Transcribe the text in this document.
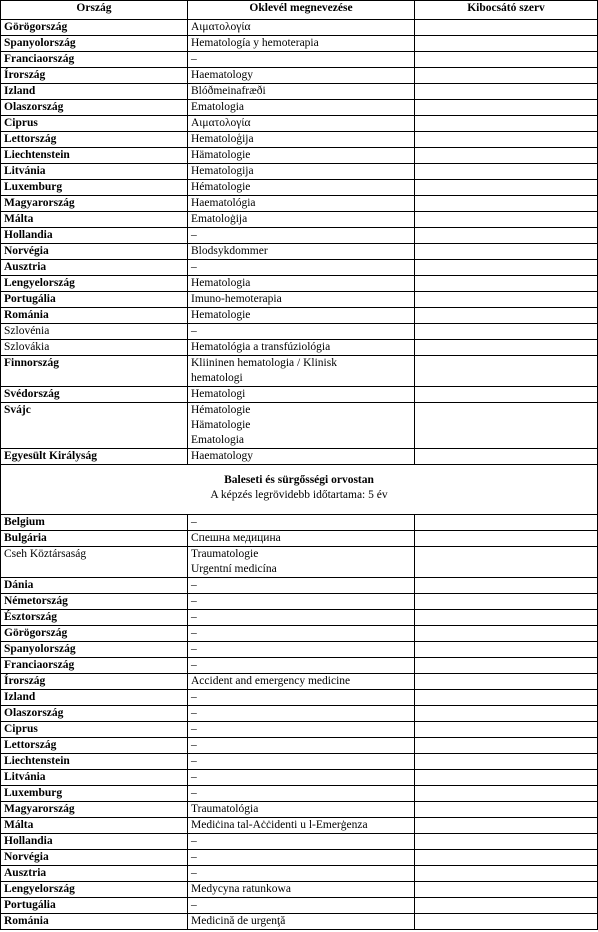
Ország	Oklevél megnevezése	Kibocsátó szerv
Görögország	Αιματολογία	

Spanyolország	Hematología y hemoterapia	

Franciaország	–	

Írország	Haematology	

Izland	Blóðmeinafræði	

Olaszország	Ematologia	

Ciprus	Αιματολογία	

Lettország	Hematoloģija	

Liechtenstein	Hämatologie	

Litvánia	Hematologija	

Luxemburg	Hématologie	

Magyarország	Haematológia	

Málta	Ematoloġija	

Hollandia	–	

Norvégia	Blodsykdommer	

Ausztria	–	

Lengyelország	Hematologia	

Portugália	Imuno-hemoterapia	

Románia	Hematologie	

Szlovénia	–	

Szlovákia	Hematológia a transfúziológia	

Finnország	Kliininen hematologia / Klinisk
hematologi	

Svédország	Hematologi	

Svájc	Hématologie
Hämatologie
Ematologia	

Egyesült Királyság	Haematology	

Baleseti és sürgősségi orvostan
A képzés legrövidebb időtartama: 5 év		

Belgium	–	

Bulgária	Спешна медицина	

Cseh Köztársaság	Traumatologie
Urgentní medicína	

Dánia	–	

Németország	–	

Észtország	–	

Görögország	–	

Spanyolország	–	

Franciaország	–	

Írország	Accident and emergency medicine	

Izland	–	

Olaszország	–	

Ciprus	–	

Lettország	–	

Liechtenstein	–	

Litvánia	–	

Luxemburg	–	

Magyarország	Traumatológia	

Málta	Mediċina tal-Aċċidenti u l-Emerġenza	

Hollandia	–	

Norvégia	–	

Ausztria	–	

Lengyelország	Medycyna ratunkowa	

Portugália	–	

Románia	Medicină de urgenţă	
